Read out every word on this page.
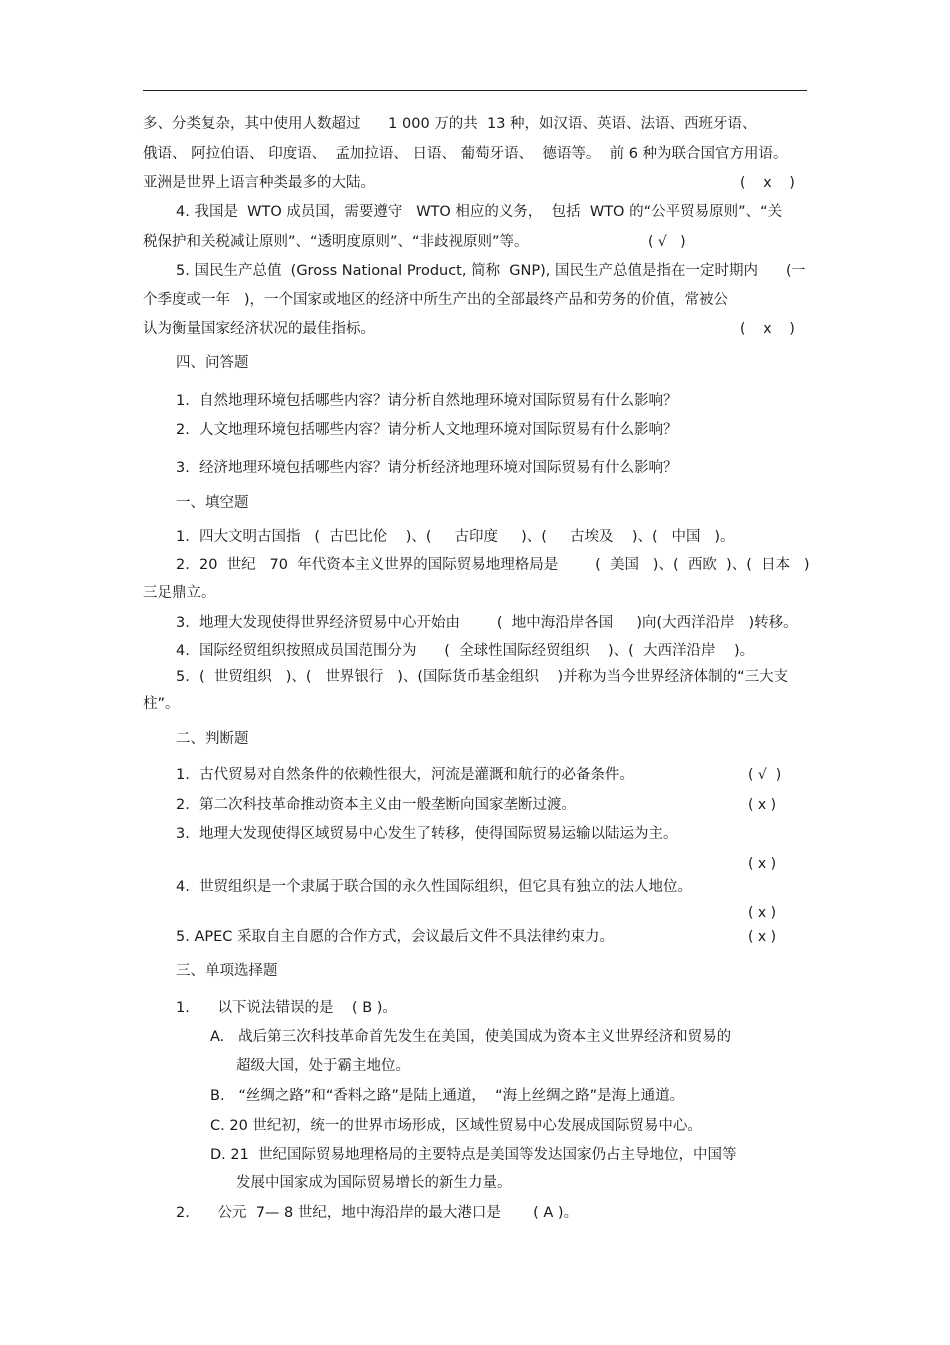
多、分类复杂，其中使用人数超过      1 000 万的共  13 种，如汉语、英语、法语、西班牙语、
俄语、 阿拉伯语、 印度语、  孟加拉语、 日语、 葡萄牙语、  德语等。  前 6 种为联合国官方用语。
亚洲是世界上语言种类最多的大陆。
4. 我国是  WTO 成员国，需要遵守   WTO 相应的义务，  包括  WTO 的“公平贸易原则”、“关
税保护和关税减让原则”、“透明度原则”、“非歧视原则”等。
5. 国民生产总值  (Gross National Product, 简称  GNP), 国民生产总值是指在一定时期内
个季度或一年   )，一个国家或地区的经济中所生产出的全部最终产品和劳务的价值，常被公
认为衡量国家经济状况的最佳指标。
四、问答题
1.  自然地理环境包括哪些内容？请分析自然地理环境对国际贸易有什么影响？
2.  人文地理环境包括哪些内容？请分析人文地理环境对国际贸易有什么影响？
3.  经济地理环境包括哪些内容？请分析经济地理环境对国际贸易有什么影响？
一、填空题
1.  四大文明古国指   (  古巴比伦    )、(     古印度     )、(     古埃及    )、(   中国   )。
2.  20  世纪   70  年代资本主义世界的国际贸易地理格局是        (  美国   )、(  西欧  )、(  日本   )
三足鼎立。
3.  地理大发现使得世界经济贸易中心开始由        (  地中海沿岸各国     )向(大西洋沿岸   )转移。
4.  国际经贸组织按照成员国范围分为      (  全球性国际经贸组织    )、(  大西洋沿岸    )。
5.  (  世贸组织   )、(   世界银行   )、(国际货币基金组织    )并称为当今世界经济体制的“三大支
柱”。
二、判断题
1.  古代贸易对自然条件的依赖性很大，河流是灌溉和航行的必备条件。
2.  第二次科技革命推动资本主义由一般垄断向国家垄断过渡。
3.  地理大发现使得区域贸易中心发生了转移，使得国际贸易运输以陆运为主。
4.  世贸组织是一个隶属于联合国的永久性国际组织，但它具有独立的法人地位。
5. APEC 采取自主自愿的合作方式，会议最后文件不具法律约束力。
三、单项选择题
1.      以下说法错误的是    ( B )。
A.   战后第三次科技革命首先发生在美国，使美国成为资本主义世界经济和贸易的
超级大国，处于霸主地位。
B.   “丝绸之路”和“香料之路”是陆上通道，  “海上丝绸之路”是海上通道。
C. 20 世纪初，统一的世界市场形成，区域性贸易中心发展成国际贸易中心。
D. 21  世纪国际贸易地理格局的主要特点是美国等发达国家仍占主导地位，中国等
发展中国家成为国际贸易增长的新生力量。
2.      公元  7— 8 世纪，地中海沿岸的最大港口是       ( A )。
(    x    )
( √   )
(一
(    x    )
( √  )
( x )
( x )
( x )
( x )
